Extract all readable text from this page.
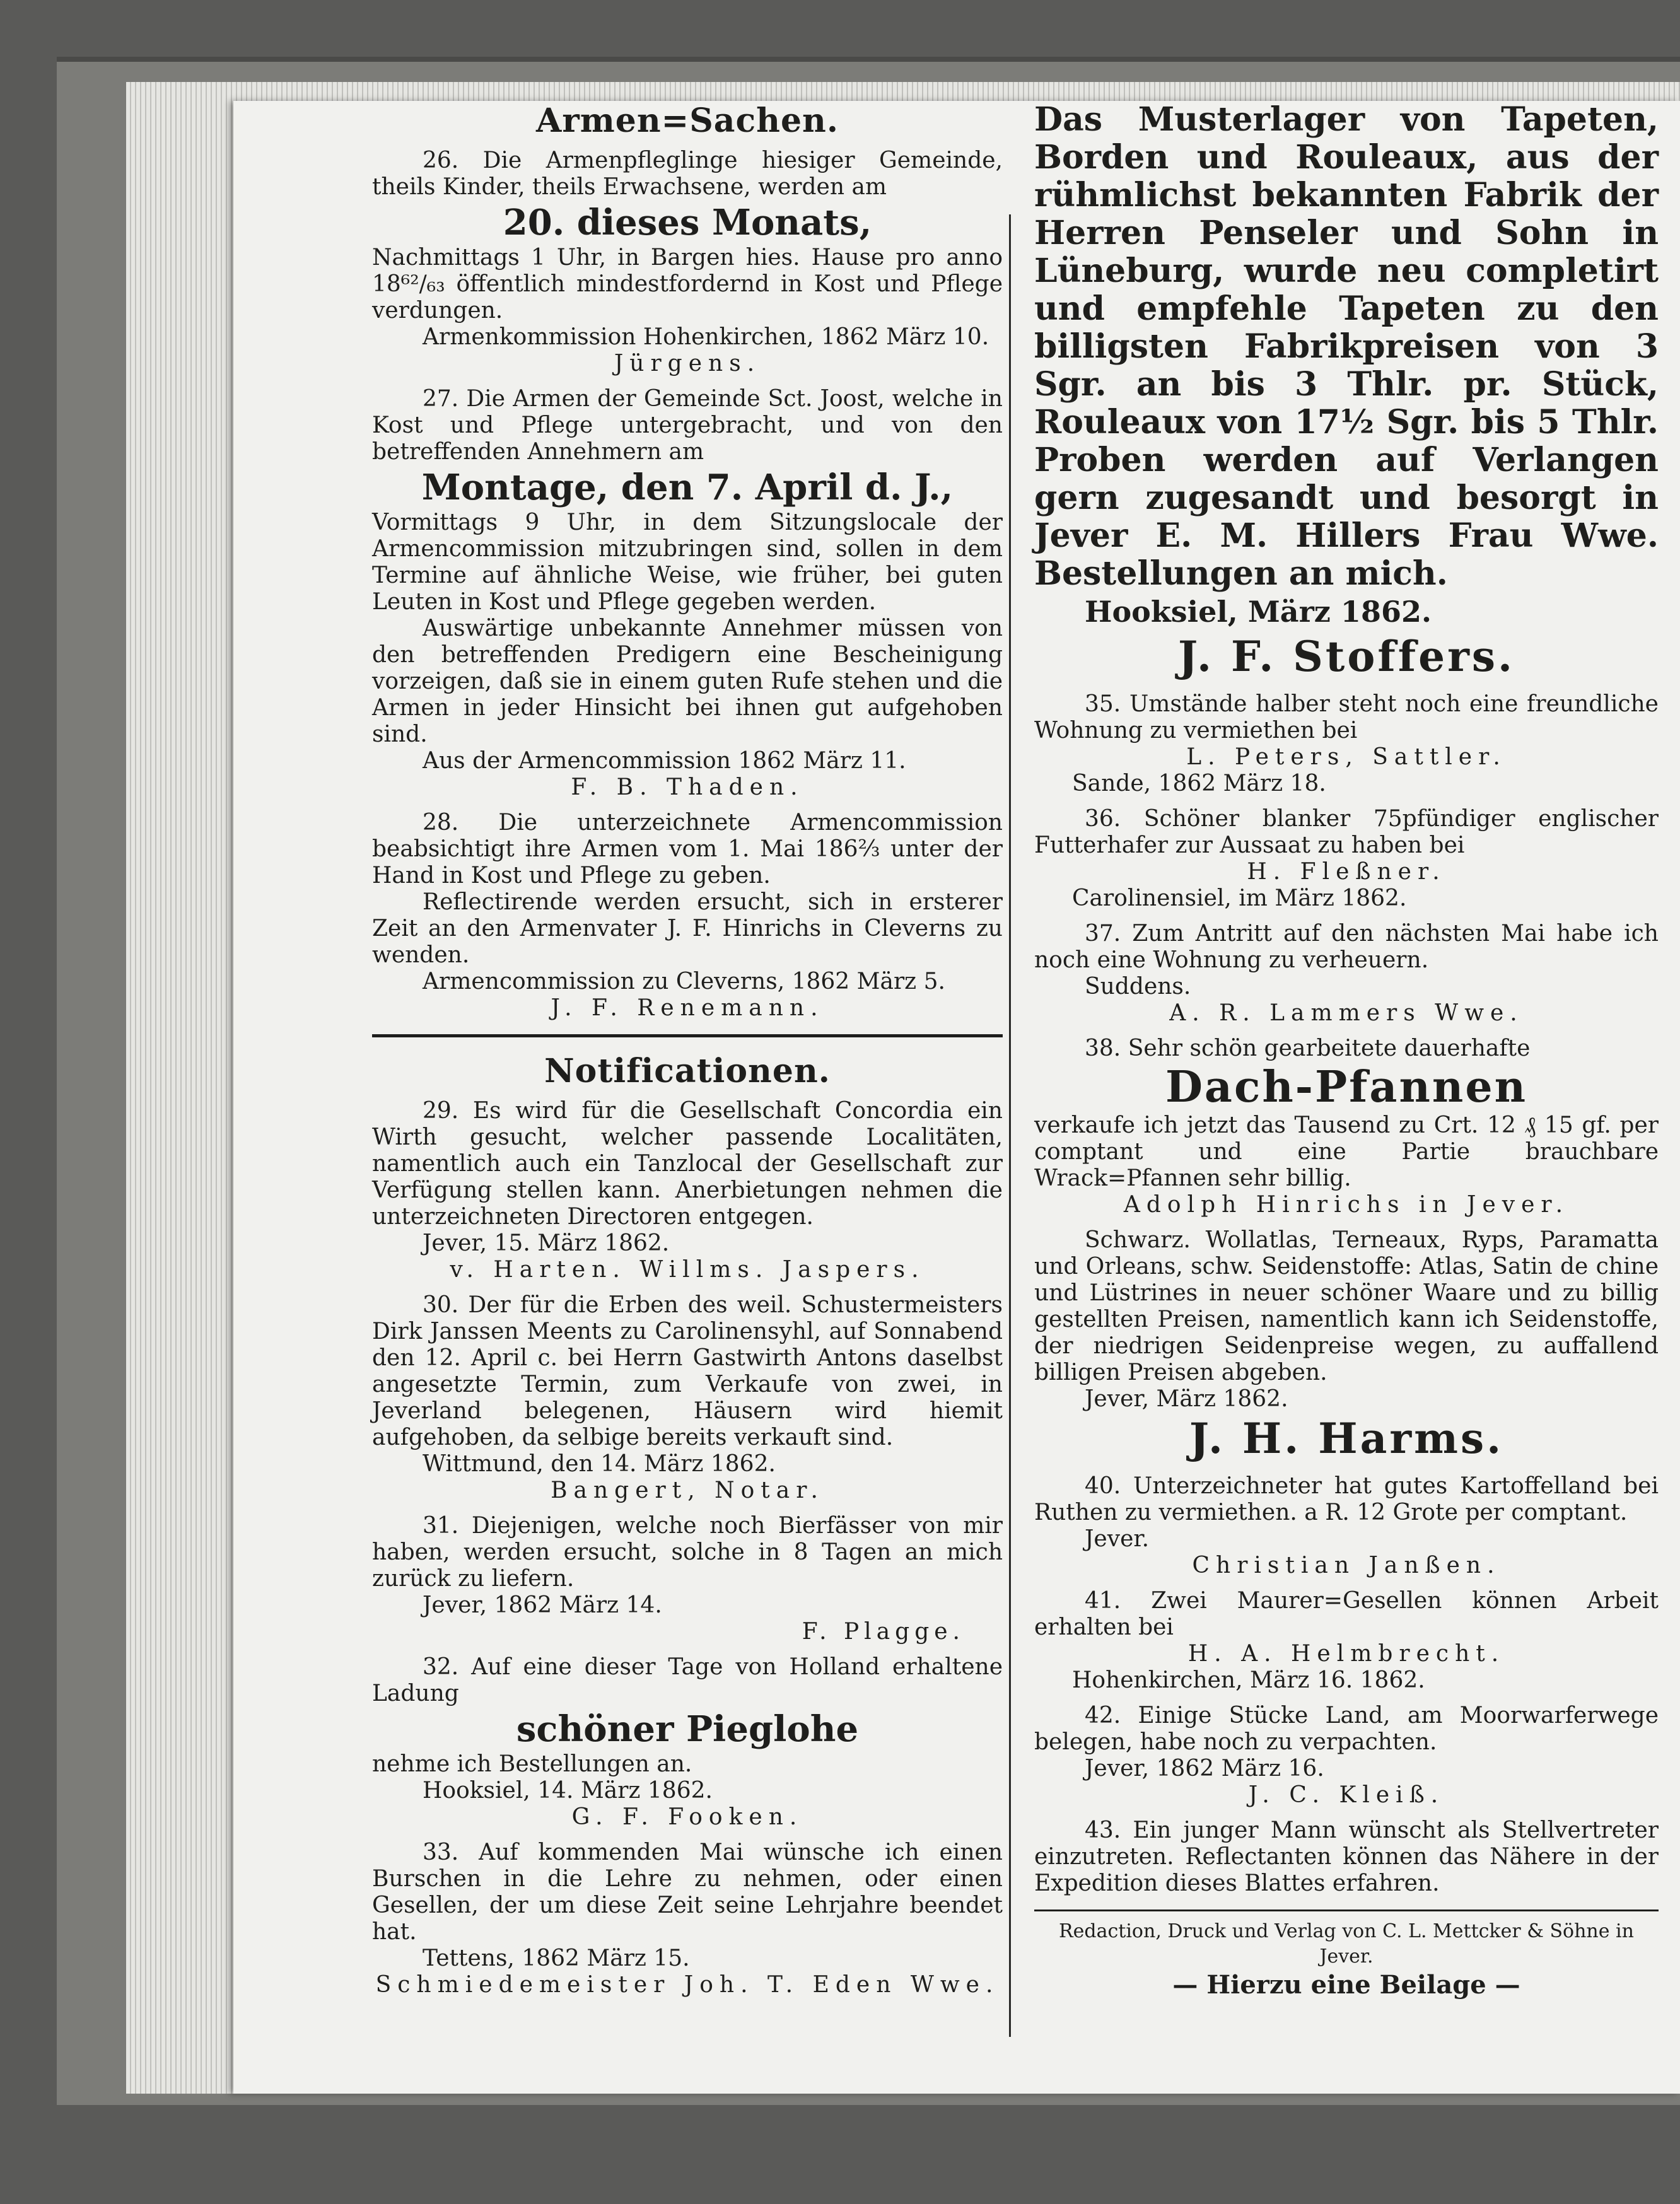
Armen=Sachen.
26. Die Armenpfleglinge hiesiger Gemeinde, theils Kinder, theils Erwachsene, werden am
20. dieses Monats,
Nachmittags 1 Uhr, in Bargen hies. Hause pro anno 18⁶²/₆₃ öffentlich mindestfordernd in Kost und Pflege verdungen.
Armenkommission Hohenkirchen, 1862 März 10.
Jürgens.
27. Die Armen der Gemeinde Sct. Joost, welche in Kost und Pflege untergebracht, und von den betreffenden Annehmern am
Montage, den 7. April d. J.,
Vormittags 9 Uhr, in dem Sitzungslocale der Armencommission mitzubringen sind, sollen in dem Termine auf ähnliche Weise, wie früher, bei guten Leuten in Kost und Pflege gegeben werden.
Auswärtige unbekannte Annehmer müssen von den betreffenden Predigern eine Bescheinigung vorzeigen, daß sie in einem guten Rufe stehen und die Armen in jeder Hinsicht bei ihnen gut aufgehoben sind.
Aus der Armencommission 1862 März 11.
F. B. Thaden.
28. Die unterzeichnete Armencommission beabsichtigt ihre Armen vom 1. Mai 186⅔ unter der Hand in Kost und Pflege zu geben.
Reflectirende werden ersucht, sich in ersterer Zeit an den Armenvater J. F. Hinrichs in Cleverns zu wenden.
Armencommission zu Cleverns, 1862 März 5.
J. F. Renemann.
Notificationen.
29. Es wird für die Gesellschaft Concordia ein Wirth gesucht, welcher passende Localitäten, namentlich auch ein Tanzlocal der Gesellschaft zur Verfügung stellen kann. Anerbietungen nehmen die unterzeichneten Directoren entgegen.
Jever, 15. März 1862.
v. Harten. Willms. Jaspers.
30. Der für die Erben des weil. Schustermeisters Dirk Janssen Meents zu Carolinensyhl, auf Sonnabend den 12. April c. bei Herrn Gastwirth Antons daselbst angesetzte Termin, zum Verkaufe von zwei, in Jeverland belegenen, Häusern wird hiemit aufgehoben, da selbige bereits verkauft sind.
Wittmund, den 14. März 1862.
Bangert, Notar.
31. Diejenigen, welche noch Bierfässer von mir haben, werden ersucht, solche in 8 Tagen an mich zurück zu liefern.
Jever, 1862 März 14.
F. Plagge.
32. Auf eine dieser Tage von Holland erhaltene Ladung
schöner Pieglohe
nehme ich Bestellungen an.
Hooksiel, 14. März 1862.
G. F. Fooken.
33. Auf kommenden Mai wünsche ich einen Burschen in die Lehre zu nehmen, oder einen Gesellen, der um diese Zeit seine Lehrjahre beendet hat.
Tettens, 1862 März 15.
Schmiedemeister Joh. T. Eden Wwe.
Das Musterlager von Tapeten, Borden und Rouleaux, aus der rühmlichst bekannten Fabrik der Herren Penseler und Sohn in Lüneburg, wurde neu completirt und empfehle Tapeten zu den billigsten Fabrikpreisen von 3 Sgr. an bis 3 Thlr. pr. Stück, Rouleaux von 17½ Sgr. bis 5 Thlr. Proben werden auf Verlangen gern zugesandt und besorgt in Jever E. M. Hillers Frau Wwe. Bestellungen an mich.
Hooksiel, März 1862.
J. F. Stoffers.
35. Umstände halber steht noch eine freundliche Wohnung zu vermiethen bei
L. Peters, Sattler.
Sande, 1862 März 18.
36. Schöner blanker 75pfündiger englischer Futterhafer zur Aussaat zu haben bei
H. Fleßner.
Carolinensiel, im März 1862.
37. Zum Antritt auf den nächsten Mai habe ich noch eine Wohnung zu verheuern.
Suddens.
A. R. Lammers Wwe.
38. Sehr schön gearbeitete dauerhafte
Dach-Pfannen
verkaufe ich jetzt das Tausend zu Crt. 12 ₰ 15 gf. per comptant und eine Partie brauchbare Wrack=Pfannen sehr billig.
Adolph Hinrichs in Jever.
Schwarz. Wollatlas, Terneaux, Ryps, Paramatta und Orleans, schw. Seidenstoffe: Atlas, Satin de chine und Lüstrines in neuer schöner Waare und zu billig gestellten Preisen, namentlich kann ich Seidenstoffe, der niedrigen Seidenpreise wegen, zu auffallend billigen Preisen abgeben.
Jever, März 1862.
J. H. Harms.
40. Unterzeichneter hat gutes Kartoffelland bei Ruthen zu vermiethen. a R. 12 Grote per comptant.
Jever.
Christian Janßen.
41. Zwei Maurer=Gesellen können Arbeit erhalten bei
H. A. Helmbrecht.
Hohenkirchen, März 16. 1862.
42. Einige Stücke Land, am Moorwarferwege belegen, habe noch zu verpachten.
Jever, 1862 März 16.
J. C. Kleiß.
43. Ein junger Mann wünscht als Stellvertreter einzutreten. Reflectanten können das Nähere in der Expedition dieses Blattes erfahren.
Redaction, Druck und Verlag von C. L. Mettcker & Söhne in Jever.
— Hierzu eine Beilage —
